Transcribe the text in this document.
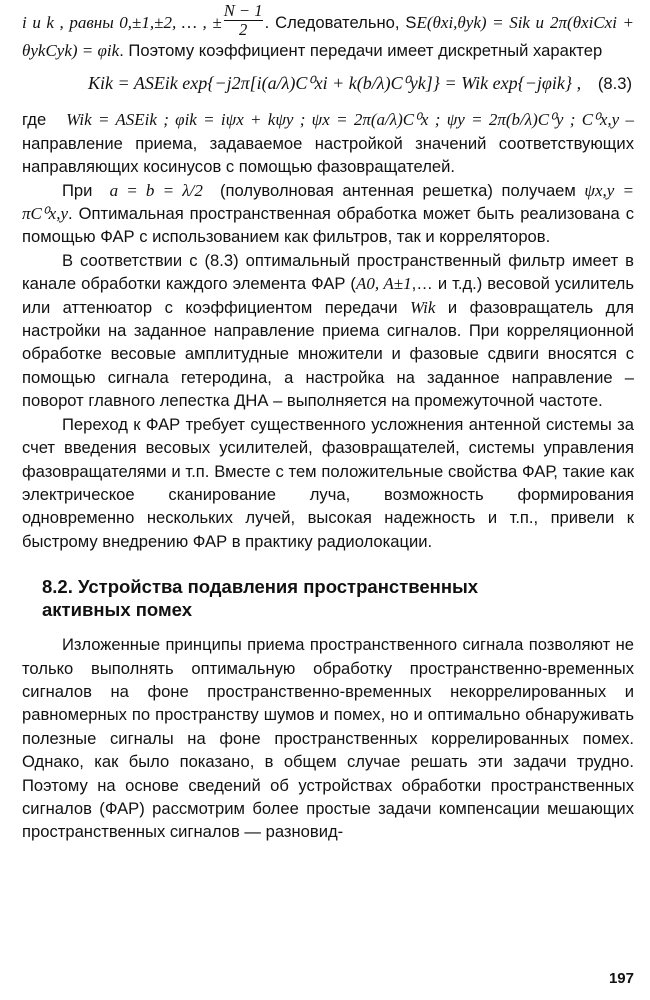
i и k , равны 0,±1,±2, … , ± $\frac{N - 1}{2}$ . Следовательно, SE(θxi,θyk) = Sik и 2π(θxiCxi + θykCyk) = φik. Поэтому коэффициент передачи имеет дискретный характер

Kik = ASEik exp{−j2π[i(a/λ)C⁰xi + k(b/λ)C⁰yk]} = Wik exp{−jφik} , (8.3)

где Wik = ASEik ; φik = iψx + kψy ; ψx = 2π(a/λ)C⁰x ; ψy = 2π(b/λ)C⁰y ; C⁰x,y – направление приема, задаваемое настройкой значений соответствующих направляющих косинусов с помощью фазовращателей.

При a = b = λ/2 (полуволновая антенная решетка) получаем ψx,y = πC⁰x,y. Оптимальная пространственная обработка может быть реализована с помощью ФАР с использованием как фильтров, так и корреляторов.

В соответствии с (8.3) оптимальный пространственный фильтр имеет в канале обработки каждого элемента ФАР (A0, A±1,… и т.д.) весовой усилитель или аттенюатор с коэффициентом передачи Wik и фазовращатель для настройки на заданное направление приема сигналов. При корреляционной обработке весовые амплитудные множители и фазовые сдвиги вносятся с помощью сигнала гетеродина, а настройка на заданное направление – поворот главного лепестка ДНА – выполняется на промежуточной частоте.

Переход к ФАР требует существенного усложнения антенной системы за счет введения весовых усилителей, фазовращателей, системы управления фазовращателями и т.п. Вместе с тем положительные свойства ФАР, такие как электрическое сканирование луча, возможность формирования одновременно нескольких лучей, высокая надежность и т.п., привели к быстрому внедрению ФАР в практику радиолокации.

8.2. Устройства подавления пространственных
активных помех

Изложенные принципы приема пространственного сигнала позволяют не только выполнять оптимальную обработку пространственно-временных сигналов на фоне пространственно-временных некоррелированных и равномерных по пространству шумов и помех, но и оптимально обнаруживать полезные сигналы на фоне пространственных коррелированных помех. Однако, как было показано, в общем случае решать эти задачи трудно. Поэтому на основе сведений об устройствах обработки пространственных сигналов (ФАР) рассмотрим более простые задачи компенсации мешающих пространственных сигналов — разновид-

197
